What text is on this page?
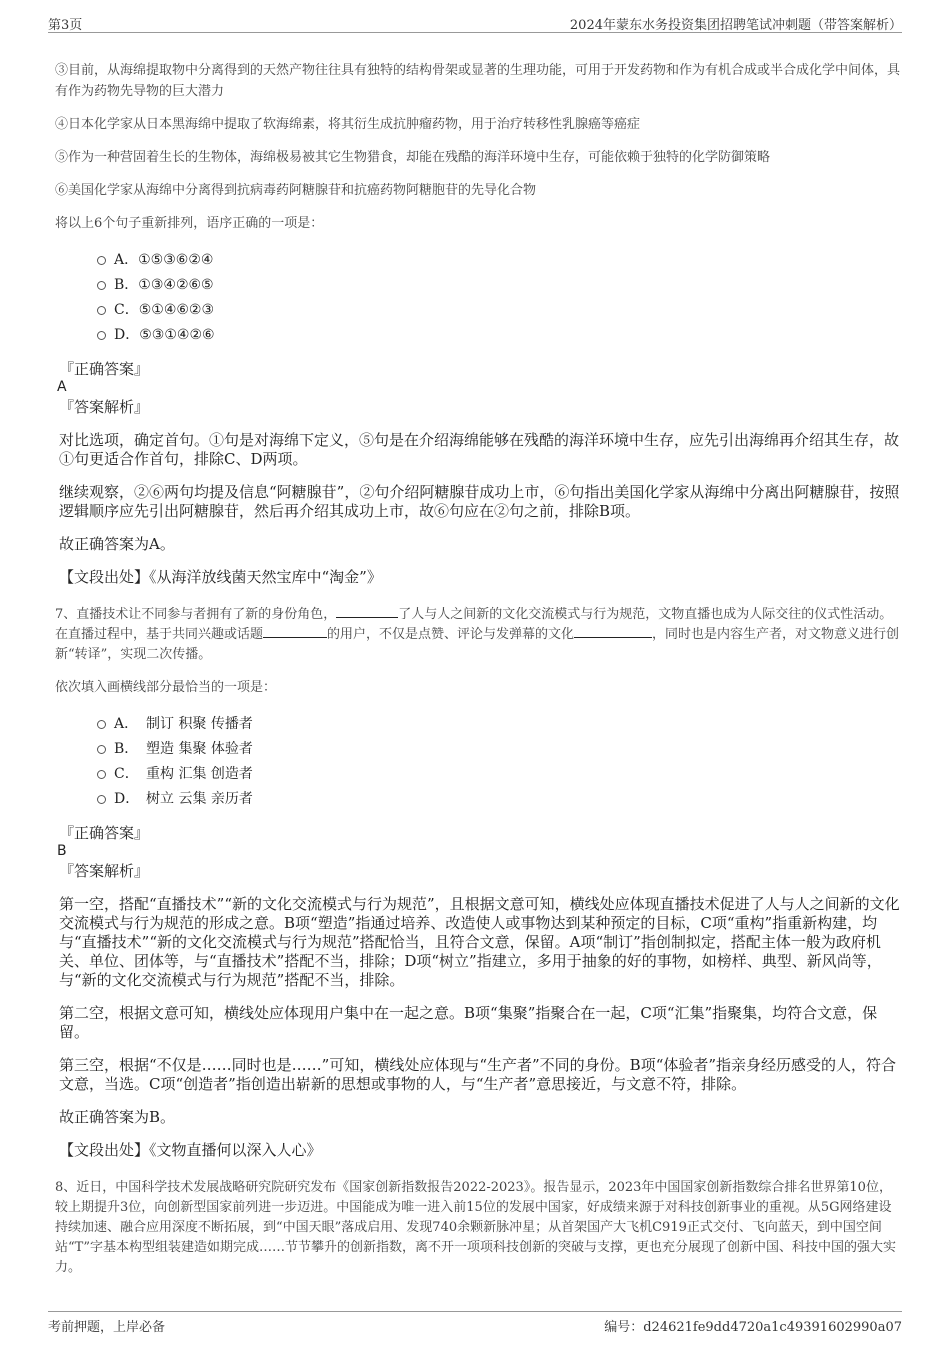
第3页	2024年蒙东水务投资集团招聘笔试冲刺题（带答案解析）

③目前，从海绵提取物中分离得到的天然产物往往具有独特的结构骨架或显著的生理功能，可用于开发药物和作为有机合成或半合成化学中间体，具有作为药物先导物的巨大潜力

④日本化学家从日本黑海绵中提取了软海绵素，将其衍生成抗肿瘤药物，用于治疗转移性乳腺癌等癌症

⑤作为一种营固着生长的生物体，海绵极易被其它生物猎食，却能在残酷的海洋环境中生存，可能依赖于独特的化学防御策略

⑥美国化学家从海绵中分离得到抗病毒药阿糖腺苷和抗癌药物阿糖胞苷的先导化合物

将以上6个句子重新排列，语序正确的一项是：

A． ①⑤③⑥②④
B． ①③④②⑥⑤
C． ⑤①④⑥②③
D． ⑤③①④②⑥

『正确答案』

A

『答案解析』

对比选项，确定首句。①句是对海绵下定义，⑤句是在介绍海绵能够在残酷的海洋环境中生存，应先引出海绵再介绍其生存，故①句更适合作首句，排除C、D两项。

继续观察，②⑥两句均提及信息“阿糖腺苷”，②句介绍阿糖腺苷成功上市，⑥句指出美国化学家从海绵中分离出阿糖腺苷，按照逻辑顺序应先引出阿糖腺苷，然后再介绍其成功上市，故⑥句应在②句之前，排除B项。

故正确答案为A。

【文段出处】《从海洋放线菌天然宝库中“淘金”》

7、直播技术让不同参与者拥有了新的身份角色，	了人与人之间新的文化交流模式与行为规范，文物直播也成为人际交往的仪式性活动。在直播过程中，基于共同兴趣或话题	的用户，不仅是点赞、评论与发弹幕的文化	，同时也是内容生产者，对文物意义进行创新“转译”，实现二次传播。

依次填入画横线部分最恰当的一项是：

A． 制订 积聚 传播者
B． 塑造 集聚 体验者
C． 重构 汇集 创造者
D． 树立 云集 亲历者

『正确答案』

B

『答案解析』

第一空，搭配“直播技术”“新的文化交流模式与行为规范”，且根据文意可知，横线处应体现直播技术促进了人与人之间新的文化交流模式与行为规范的形成之意。B项“塑造”指通过培养、改造使人或事物达到某种预定的目标，C项“重构”指重新构建，均与“直播技术”“新的文化交流模式与行为规范”搭配恰当，且符合文意，保留。A项“制订”指创制拟定，搭配主体一般为政府机关、单位、团体等，与“直播技术”搭配不当，排除；D项“树立”指建立，多用于抽象的好的事物，如榜样、典型、新风尚等，与“新的文化交流模式与行为规范”搭配不当，排除。

第二空，根据文意可知，横线处应体现用户集中在一起之意。B项“集聚”指聚合在一起，C项“汇集”指聚集，均符合文意，保留。

第三空，根据“不仅是……同时也是……”可知，横线处应体现与“生产者”不同的身份。B项“体验者”指亲身经历感受的人，符合文意，当选。C项“创造者”指创造出崭新的思想或事物的人，与“生产者”意思接近，与文意不符，排除。

故正确答案为B。

【文段出处】《文物直播何以深入人心》

8、近日，中国科学技术发展战略研究院研究发布《国家创新指数报告2022-2023》。报告显示，2023年中国国家创新指数综合排名世界第10位，较上期提升3位，向创新型国家前列进一步迈进。中国能成为唯一进入前15位的发展中国家，好成绩来源于对科技创新事业的重视。从5G网络建设持续加速、融合应用深度不断拓展，到“中国天眼”落成启用、发现740余颗新脉冲星；从首架国产大飞机C919正式交付、飞向蓝天，到中国空间站“T”字基本构型组装建造如期完成……节节攀升的创新指数，离不开一项项科技创新的突破与支撑，更也充分展现了创新中国、科技中国的强大实力。

考前押题，上岸必备	编号：d24621fe9dd4720a1c49391602990a07
